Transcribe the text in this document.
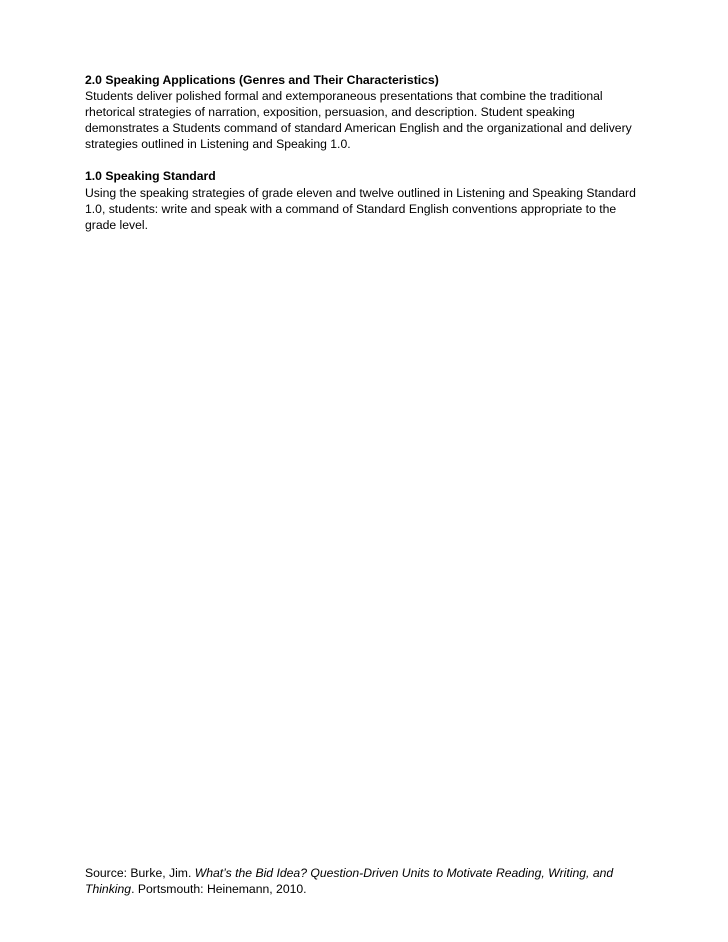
2.0 Speaking Applications (Genres and Their Characteristics)

Students deliver polished formal and extemporaneous presentations that combine the traditional rhetorical strategies of narration, exposition, persuasion, and description. Student speaking demonstrates a Students command of standard American English and the organizational and delivery strategies outlined in Listening and Speaking 1.0.

1.0 Speaking Standard

Using the speaking strategies of grade eleven and twelve outlined in Listening and Speaking Standard 1.0, students: write and speak with a command of Standard English conventions appropriate to the grade level.

Source: Burke, Jim. What’s the Bid Idea? Question-Driven Units to Motivate Reading, Writing, and Thinking. Portsmouth: Heinemann, 2010.
